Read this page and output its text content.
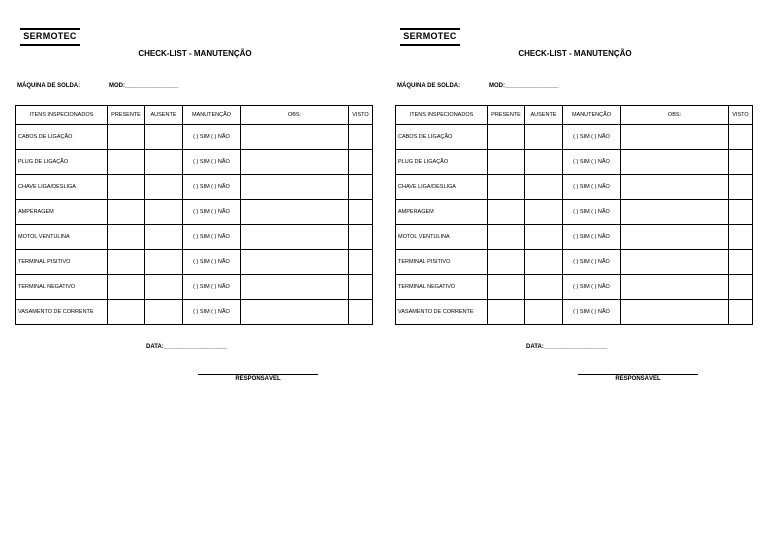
SERMOTEC
CHECK-LIST - MANUTENÇÃO
MÁQUINA DE SOLDA:	MOD:________________
ITENS INSPECIONADOS	PRESENTE	AUSENTE	MANUTENÇÃO	OBS:	VISTO
CABOS DE LIGAÇÃO			( ) SIM ( ) NÃO		
PLUG DE LIGAÇÃO			( ) SIM ( ) NÃO		
CHAVE LIGA/DESLIGA			( ) SIM ( ) NÃO		
AMPERAGEM			( ) SIM ( ) NÃO		
MOTOL VENTULINA			( ) SIM ( ) NÃO		
TERMINAL PISITIVO			( ) SIM ( ) NÃO		
TERMINAL NEGATIVO			( ) SIM ( ) NÃO		
VASAMENTO DE CORRENTE			( ) SIM ( ) NÃO		
DATA:___________________
RESPONSÁVEL
SERMOTEC
CHECK-LIST - MANUTENÇÃO
MÁQUINA DE SOLDA:	MOD:________________
ITENS INSPECIONADOS	PRESENTE	AUSENTE	MANUTENÇÃO	OBS:	VISTO
CABOS DE LIGAÇÃO			( ) SIM ( ) NÃO		
PLUG DE LIGAÇÃO			( ) SIM ( ) NÃO		
CHAVE LIGA/DESLIGA			( ) SIM ( ) NÃO		
AMPERAGEM			( ) SIM ( ) NÃO		
MOTOL VENTULINA			( ) SIM ( ) NÃO		
TERMINAL PISITIVO			( ) SIM ( ) NÃO		
TERMINAL NEGATIVO			( ) SIM ( ) NÃO		
VASAMENTO DE CORRENTE			( ) SIM ( ) NÃO		
DATA:___________________
RESPONSÁVEL
